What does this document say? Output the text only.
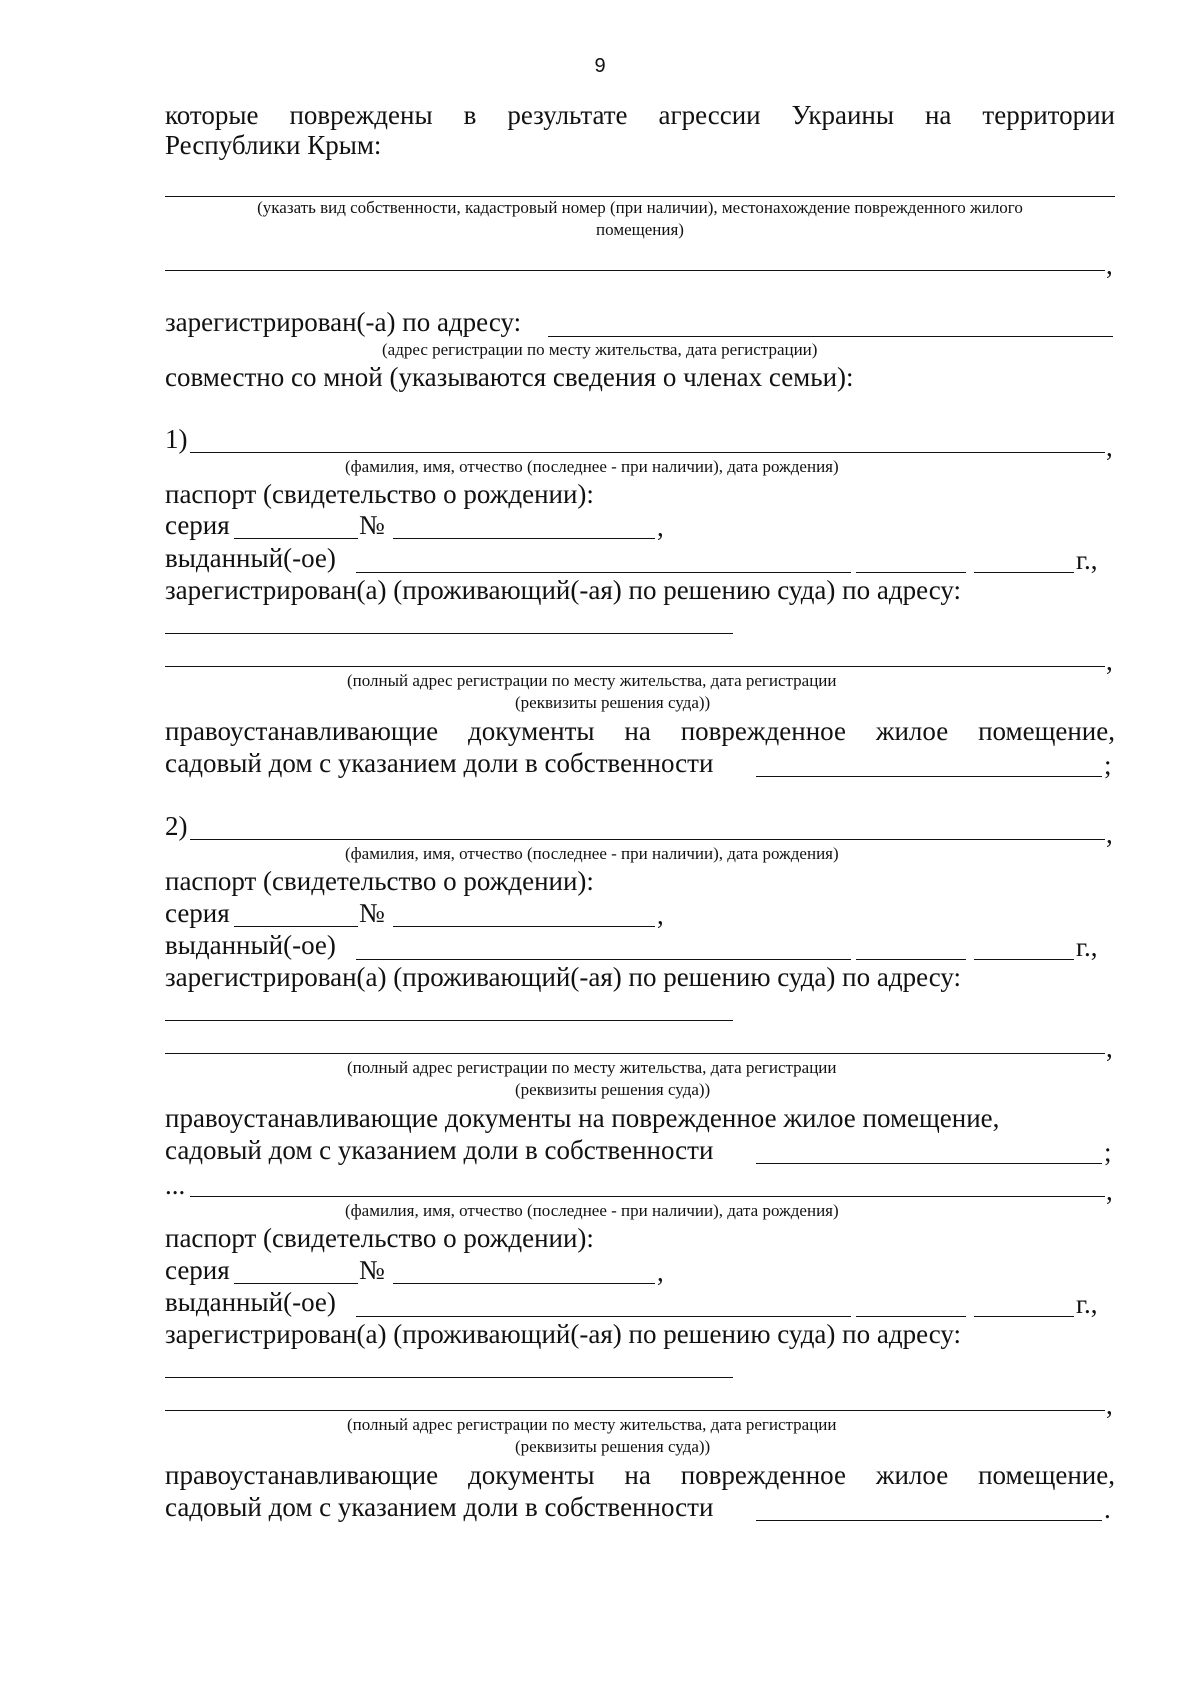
9
которые повреждены в результате агрессии Украины на территории
Республики Крым:
(указать вид собственности, кадастровый номер (при наличии), местонахождение поврежденного жилого
помещения)
,
зарегистрирован(-а) по адресу:
(адрес регистрации по месту жительства, дата регистрации)
совместно со мной (указываются сведения о членах семьи):
1)	,
(фамилия, имя, отчество (последнее - при наличии), дата рождения)
паспорт (свидетельство о рождении):
серия	№	,
выданный(-ое)	г.,
зарегистрирован(а) (проживающий(-ая) по решению суда) по адресу:
,
(полный адрес регистрации по месту жительства, дата регистрации
(реквизиты решения суда))
правоустанавливающие документы на поврежденное жилое помещение,
садовый дом с указанием доли в собственности	;
2)	,
(фамилия, имя, отчество (последнее - при наличии), дата рождения)
паспорт (свидетельство о рождении):
серия	№	,
выданный(-ое)	г.,
зарегистрирован(а) (проживающий(-ая) по решению суда) по адресу:
,
(полный адрес регистрации по месту жительства, дата регистрации
(реквизиты решения суда))
правоустанавливающие документы на поврежденное жилое помещение,
садовый дом с указанием доли в собственности	;
...	,
(фамилия, имя, отчество (последнее - при наличии), дата рождения)
паспорт (свидетельство о рождении):
серия	№	,
выданный(-ое)	г.,
зарегистрирован(а) (проживающий(-ая) по решению суда) по адресу:
,
(полный адрес регистрации по месту жительства, дата регистрации
(реквизиты решения суда))
правоустанавливающие документы на поврежденное жилое помещение,
садовый дом с указанием доли в собственности	.
